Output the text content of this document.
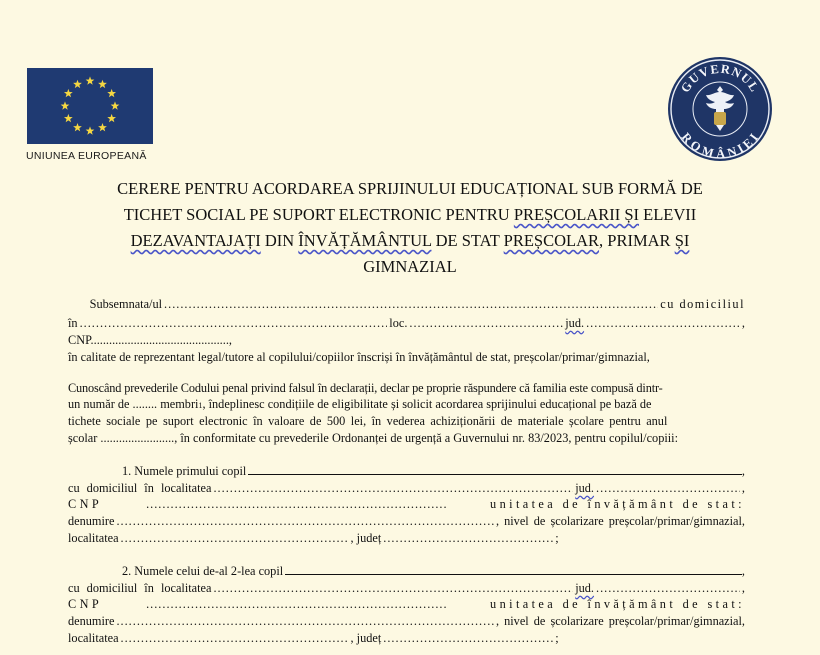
UNIUNEA EUROPEANĂ
GUVERNUL
ROMÂNIEI
CERERE PENTRU ACORDAREA SPRIJINULUI EDUCAȚIONAL SUB FORMĂ DE
TICHET SOCIAL PE SUPORT ELECTRONIC PENTRU PREȘCOLARII ȘI ELEVII
DEZAVANTAJAȚI DIN ÎNVĂȚĂMÂNTUL DE STAT PREȘCOLAR, PRIMAR ȘI
GIMNAZIAL
Subsemnata/ul .....	cu domiciliul
în .....	loc. .....	jud. .....	,
CNP.............................................,
în calitate de reprezentant legal/tutore al copilului/copiilor înscriși în învățământul de stat, preșcolar/primar/gimnazial,
Cunoscând prevederile Codului penal privind falsul în declarații, declar pe proprie răspundere că familia este compusă dintr-
un număr de ........ membri 1 , îndeplinesc condițiile de eligibilitate și solicit acordarea sprijinului educațional pe bază de
tichete sociale pe suport electronic în valoare de 500 lei, în vederea achiziționării de materiale școlare pentru anul
școlar ........................, în conformitate cu prevederile Ordonanței de urgență a Guvernului nr. 83/2023, pentru copilul/copiii:
1. Numele primului copil	,
cu domiciliul în localitatea .....	jud. .....	,
CNP .....	unitatea de învățământ de stat:
denumire .....	, nivel de școlarizare preșcolar/primar/gimnazial,
localitatea .....	, județ .....	;
2. Numele celui de-al 2-lea copil	,
cu domiciliul în localitatea .....	jud. .....	,
CNP .....	unitatea de învățământ de stat:
denumire .....	, nivel de școlarizare preșcolar/primar/gimnazial,
localitatea .....	, județ .....	;
